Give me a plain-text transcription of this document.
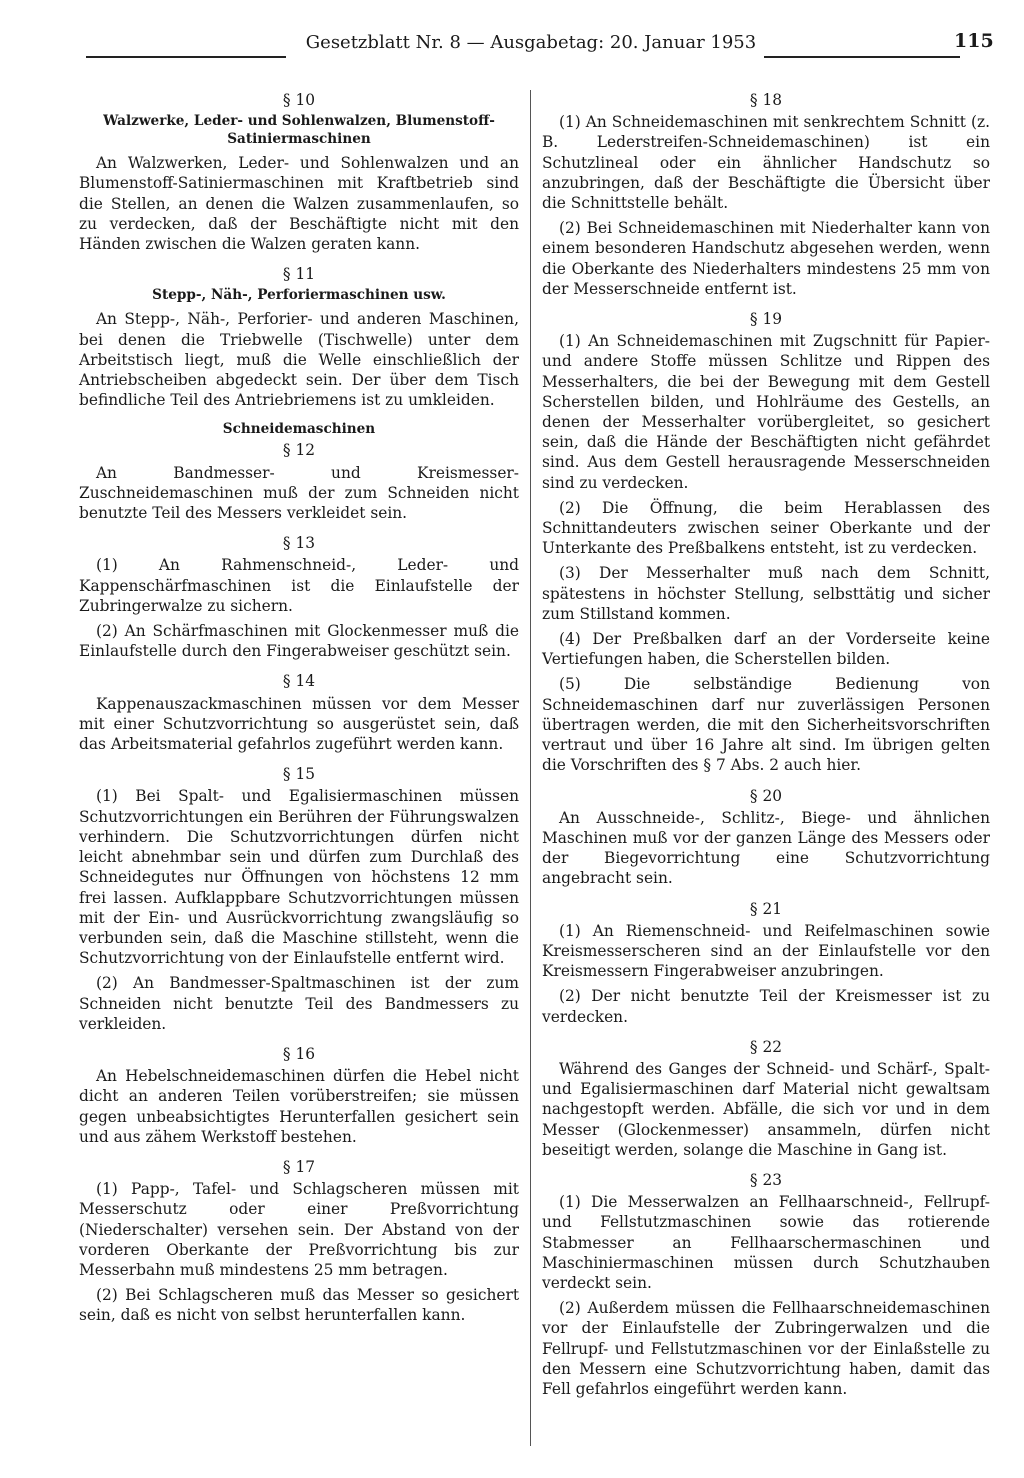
Gesetzblatt Nr. 8 — Ausgabetag: 20. Januar 1953	115
§ 10
Walzwerke, Leder- und Sohlenwalzen, Blumenstoff-Satiniermaschinen

An Walzwerken, Leder- und Sohlenwalzen und an Blumenstoff-Satiniermaschinen mit Kraftbetrieb sind die Stellen, an denen die Walzen zusammenlaufen, so zu verdecken, daß der Beschäftigte nicht mit den Händen zwischen die Walzen geraten kann.

§ 11
Stepp-, Näh-, Perforiermaschinen usw.

An Stepp-, Näh-, Perforier- und anderen Maschinen, bei denen die Triebwelle (Tischwelle) unter dem Arbeitstisch liegt, muß die Welle einschließlich der Antriebscheiben abgedeckt sein. Der über dem Tisch befindliche Teil des Antriebriemens ist zu umkleiden.

Schneidemaschinen
§ 12

An Bandmesser- und Kreismesser-Zuschneidemaschinen muß der zum Schneiden nicht benutzte Teil des Messers verkleidet sein.

§ 13

(1) An Rahmenschneid-, Leder- und Kappenschärfmaschinen ist die Einlaufstelle der Zubringerwalze zu sichern.

(2) An Schärfmaschinen mit Glockenmesser muß die Einlaufstelle durch den Fingerabweiser geschützt sein.

§ 14

Kappenauszackmaschinen müssen vor dem Messer mit einer Schutzvorrichtung so ausgerüstet sein, daß das Arbeitsmaterial gefahrlos zugeführt werden kann.

§ 15

(1) Bei Spalt- und Egalisiermaschinen müssen Schutzvorrichtungen ein Berühren der Führungswalzen verhindern. Die Schutzvorrichtungen dürfen nicht leicht abnehmbar sein und dürfen zum Durchlaß des Schneidegutes nur Öffnungen von höchstens 12 mm frei lassen. Aufklappbare Schutzvorrichtungen müssen mit der Ein- und Ausrückvorrichtung zwangsläufig so verbunden sein, daß die Maschine stillsteht, wenn die Schutzvorrichtung von der Einlaufstelle entfernt wird.

(2) An Bandmesser-Spaltmaschinen ist der zum Schneiden nicht benutzte Teil des Bandmessers zu verkleiden.

§ 16

An Hebelschneidemaschinen dürfen die Hebel nicht dicht an anderen Teilen vorüberstreifen; sie müssen gegen unbeabsichtigtes Herunterfallen gesichert sein und aus zähem Werkstoff bestehen.

§ 17

(1) Papp-, Tafel- und Schlagscheren müssen mit Messerschutz oder einer Preßvorrichtung (Niederschalter) versehen sein. Der Abstand von der vorderen Oberkante der Preßvorrichtung bis zur Messerbahn muß mindestens 25 mm betragen.

(2) Bei Schlagscheren muß das Messer so gesichert sein, daß es nicht von selbst herunterfallen kann.

§ 18

(1) An Schneidemaschinen mit senkrechtem Schnitt (z. B. Lederstreifen-Schneidemaschinen) ist ein Schutzlineal oder ein ähnlicher Handschutz so anzubringen, daß der Beschäftigte die Übersicht über die Schnittstelle behält.

(2) Bei Schneidemaschinen mit Niederhalter kann von einem besonderen Handschutz abgesehen werden, wenn die Oberkante des Niederhalters mindestens 25 mm von der Messerschneide entfernt ist.

§ 19

(1) An Schneidemaschinen mit Zugschnitt für Papier- und andere Stoffe müssen Schlitze und Rippen des Messerhalters, die bei der Bewegung mit dem Gestell Scherstellen bilden, und Hohlräume des Gestells, an denen der Messerhalter vorübergleitet, so gesichert sein, daß die Hände der Beschäftigten nicht gefährdet sind. Aus dem Gestell herausragende Messerschneiden sind zu verdecken.

(2) Die Öffnung, die beim Herablassen des Schnittandeuters zwischen seiner Oberkante und der Unterkante des Preßbalkens entsteht, ist zu verdecken.

(3) Der Messerhalter muß nach dem Schnitt, spätestens in höchster Stellung, selbsttätig und sicher zum Stillstand kommen.

(4) Der Preßbalken darf an der Vorderseite keine Vertiefungen haben, die Scherstellen bilden.

(5) Die selbständige Bedienung von Schneidemaschinen darf nur zuverlässigen Personen übertragen werden, die mit den Sicherheitsvorschriften vertraut und über 16 Jahre alt sind. Im übrigen gelten die Vorschriften des § 7 Abs. 2 auch hier.

§ 20

An Ausschneide-, Schlitz-, Biege- und ähnlichen Maschinen muß vor der ganzen Länge des Messers oder der Biegevorrichtung eine Schutzvorrichtung angebracht sein.

§ 21

(1) An Riemenschneid- und Reifelmaschinen sowie Kreismesserscheren sind an der Einlaufstelle vor den Kreismessern Fingerabweiser anzubringen.

(2) Der nicht benutzte Teil der Kreismesser ist zu verdecken.

§ 22

Während des Ganges der Schneid- und Schärf-, Spalt- und Egalisiermaschinen darf Material nicht gewaltsam nachgestopft werden. Abfälle, die sich vor und in dem Messer (Glockenmesser) ansammeln, dürfen nicht beseitigt werden, solange die Maschine in Gang ist.

§ 23

(1) Die Messerwalzen an Fellhaarschneid-, Fellrupf- und Fellstutzmaschinen sowie das rotierende Stabmesser an Fellhaarschermaschinen und Maschiniermaschinen müssen durch Schutzhauben verdeckt sein.

(2) Außerdem müssen die Fellhaarschneidemaschinen vor der Einlaufstelle der Zubringerwalzen und die Fellrupf- und Fellstutzmaschinen vor der Einlaßstelle zu den Messern eine Schutzvorrichtung haben, damit das Fell gefahrlos eingeführt werden kann.
